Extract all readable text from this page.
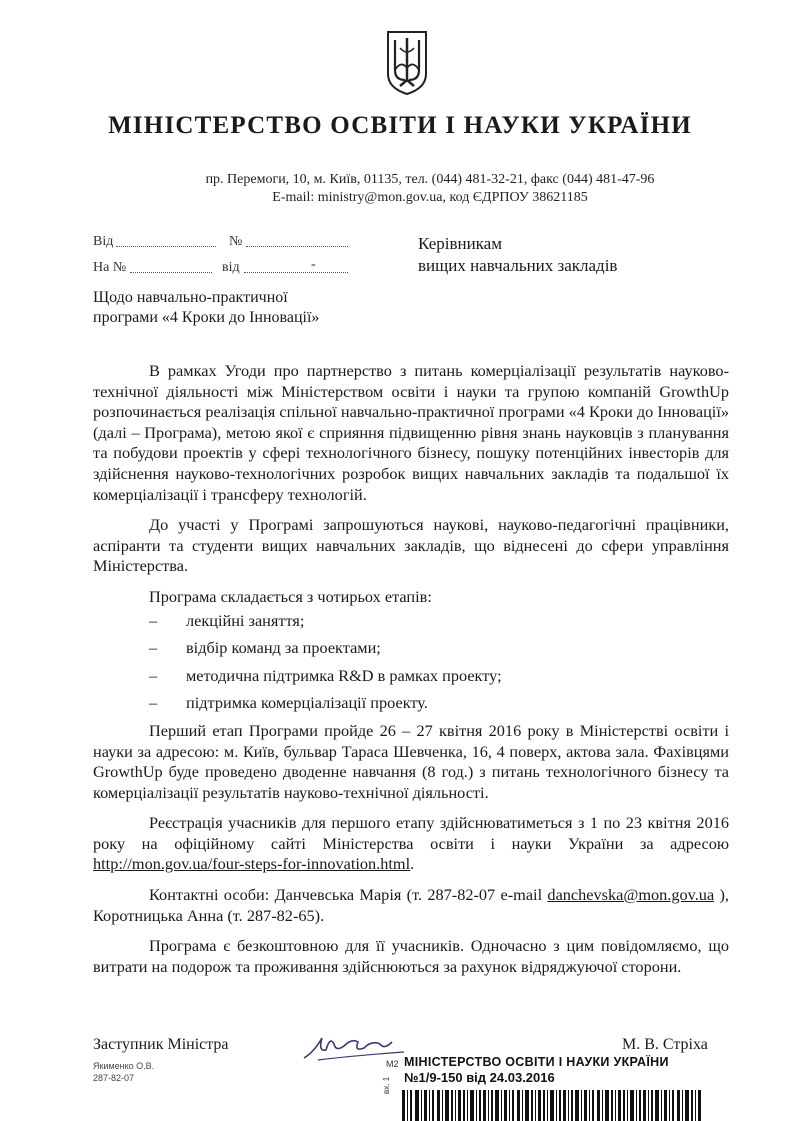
МІНІСТЕРСТВО ОСВІТИ І НАУКИ УКРАЇНИ
пр. Перемоги, 10, м. Київ, 01135, тел. (044) 481-32-21, факс (044) 481-47-96
E-mail: ministry@mon.gov.ua, код ЄДРПОУ 38621185
Від	№
На №	від	-
Керівникам
вищих навчальних закладів
Щодо навчально-практичної
програми «4 Кроки до Інновації»

В рамках Угоди про партнерство з питань комерціалізації результатів науково-технічної діяльності між Міністерством освіти і науки та групою компаній GrowthUp розпочинається реалізація спільної навчально-практичної програми «4 Кроки до Інновації» (далі – Програма), метою якої є сприяння підвищенню рівня знань науковців з планування та побудови проектів у сфері технологічного бізнесу, пошуку потенційних інвесторів для здійснення науково-технологічних розробок вищих навчальних закладів та подальшої їх комерціалізації і трансферу технологій.

До участі у Програмі запрошуються наукові, науково-педагогічні працівники, аспіранти та студенти вищих навчальних закладів, що віднесені до сфери управління Міністерства.

Програма складається з чотирьох етапів:

– лекційні заняття;
– відбір команд за проектами;
– методична підтримка R&D в рамках проекту;
– підтримка комерціалізації проекту.

Перший етап Програми пройде 26 – 27 квітня 2016 року в Міністерстві освіти і науки за адресою: м. Київ, бульвар Тараса Шевченка, 16, 4 поверх, актова зала. Фахівцями GrowthUp буде проведено дводенне навчання (8 год.) з питань технологічного бізнесу та комерціалізації результатів науково-технічної діяльності.

Реєстрація учасників для першого етапу здійснюватиметься з 1 по 23 квітня 2016 року на офіційному сайті Міністерства освіти і науки України за адресою http://mon.gov.ua/four-steps-for-innovation.html.

Контактні особи: Данчевська Марія (т. 287-82-07 e-mail danchevska@mon.gov.ua ), Коротницька Анна (т. 287-82-65).

Програма є безкоштовною для її учасників. Одночасно з цим повідомляємо, що витрати на подорож та проживання здійснюються за рахунок відряджуючої сторони.

Заступник Міністра	М. В. Стріха
Якименко О.В.
287-82-07
М2 МІНІСТЕРСТВО ОСВІТИ І НАУКИ УКРАЇНИ
№1/9-150 від 24.03.2016
вх. 1
